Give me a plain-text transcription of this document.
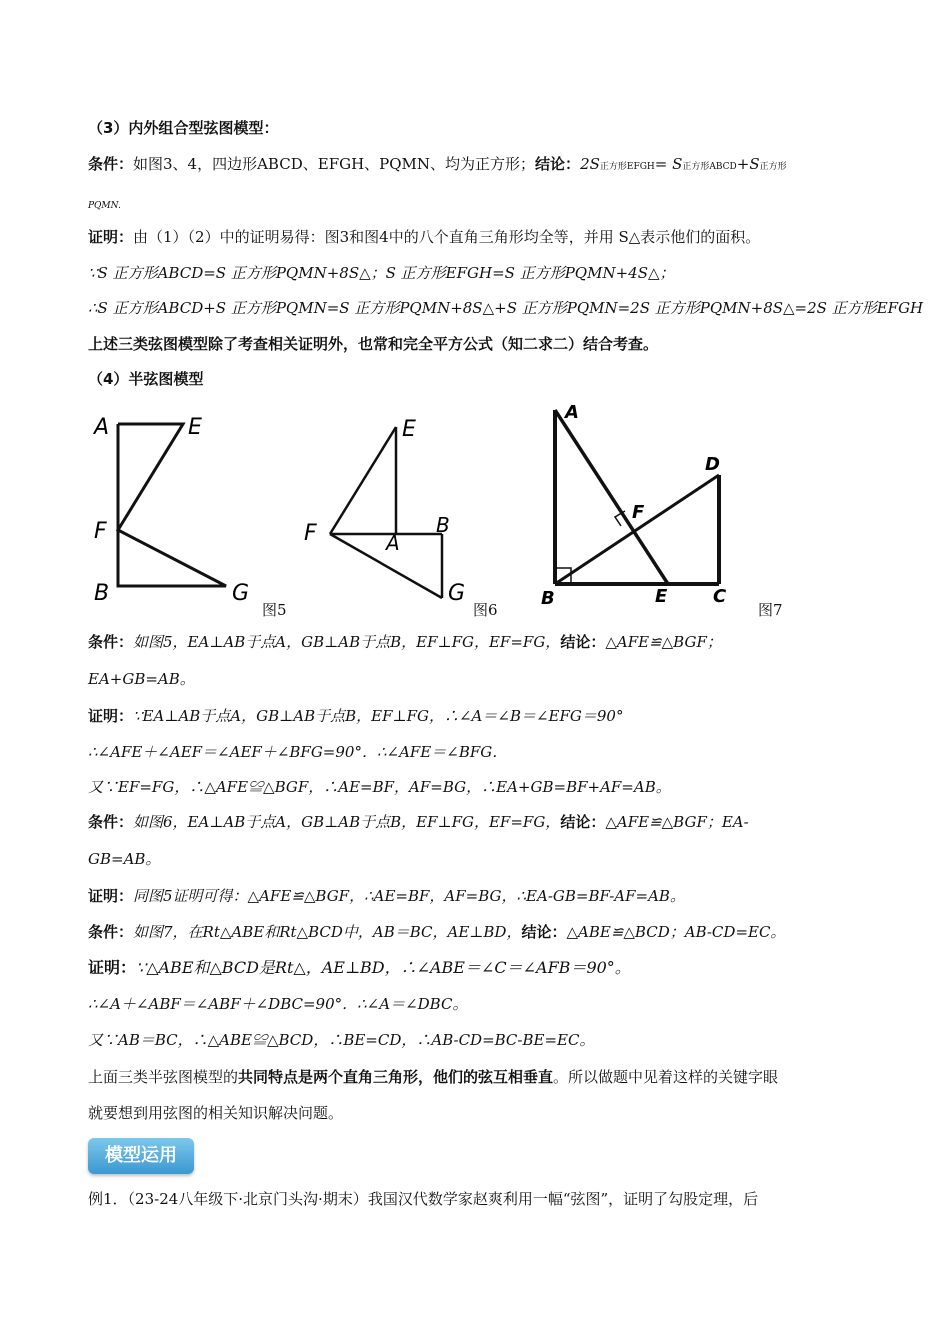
（3）内外组合型弦图模型：
条件：如图3、4，四边形ABCD、EFGH、PQMN、均为正方形；结论：2S正方形EFGH= S正方形ABCD+S正方形
PQMN.
证明：由（1）（2）中的证明易得：图3和图4中的八个直角三角形均全等，并用 S△表示他们的面积。
∵S 正方形ABCD=S 正方形PQMN+8S△；S 正方形EFGH=S 正方形PQMN+4S△；
∴S 正方形ABCD+S 正方形PQMN=S 正方形PQMN+8S△+S 正方形PQMN=2S 正方形PQMN+8S△=2S 正方形EFGH
上述三类弦图模型除了考查相关证明外，也常和完全平方公式（知二求二）结合考查。
（4）半弦图模型
A	E
F
B	G
图5
E
F	A
B
G
图6
A
D
F
B	E	C
图7
条件：如图5，EA⊥AB于点A，GB⊥AB于点B，EF⊥FG，EF=FG，结论：△AFE≌△BGF；
EA+GB=AB。
证明：∵EA⊥AB于点A，GB⊥AB于点B，EF⊥FG，∴∠A＝∠B＝∠EFG＝90°
∴∠AFE＋∠AEF＝∠AEF＋∠BFG=90°．∴∠AFE＝∠BFG．
又∵EF=FG，∴△AFE≌△BGF，∴AE=BF，AF=BG，∴EA+GB=BF+AF=AB。
条件：如图6，EA⊥AB于点A，GB⊥AB于点B，EF⊥FG，EF=FG，结论：△AFE≌△BGF；EA-
GB=AB。
证明：同图5证明可得：△AFE≌△BGF，∴AE=BF，AF=BG，∴EA-GB=BF-AF=AB。
条件：如图7，在Rt△ABE和Rt△BCD中，AB＝BC，AE⊥BD，结论：△ABE≌△BCD；AB-CD=EC。
证明：∵△ABE和△BCD是Rt△，AE⊥BD，∴∠ABE＝∠C＝∠AFB＝90°。
∴∠A＋∠ABF＝∠ABF＋∠DBC=90°．∴∠A＝∠DBC。
又∵AB＝BC，∴△ABE≌△BCD，∴BE=CD，∴AB-CD=BC-BE=EC。
上面三类半弦图模型的共同特点是两个直角三角形，他们的弦互相垂直。所以做题中见着这样的关键字眼
就要想到用弦图的相关知识解决问题。
模型运用
例1．（23-24八年级下·北京门头沟·期末）我国汉代数学家赵爽利用一幅“弦图”，证明了勾股定理，后
